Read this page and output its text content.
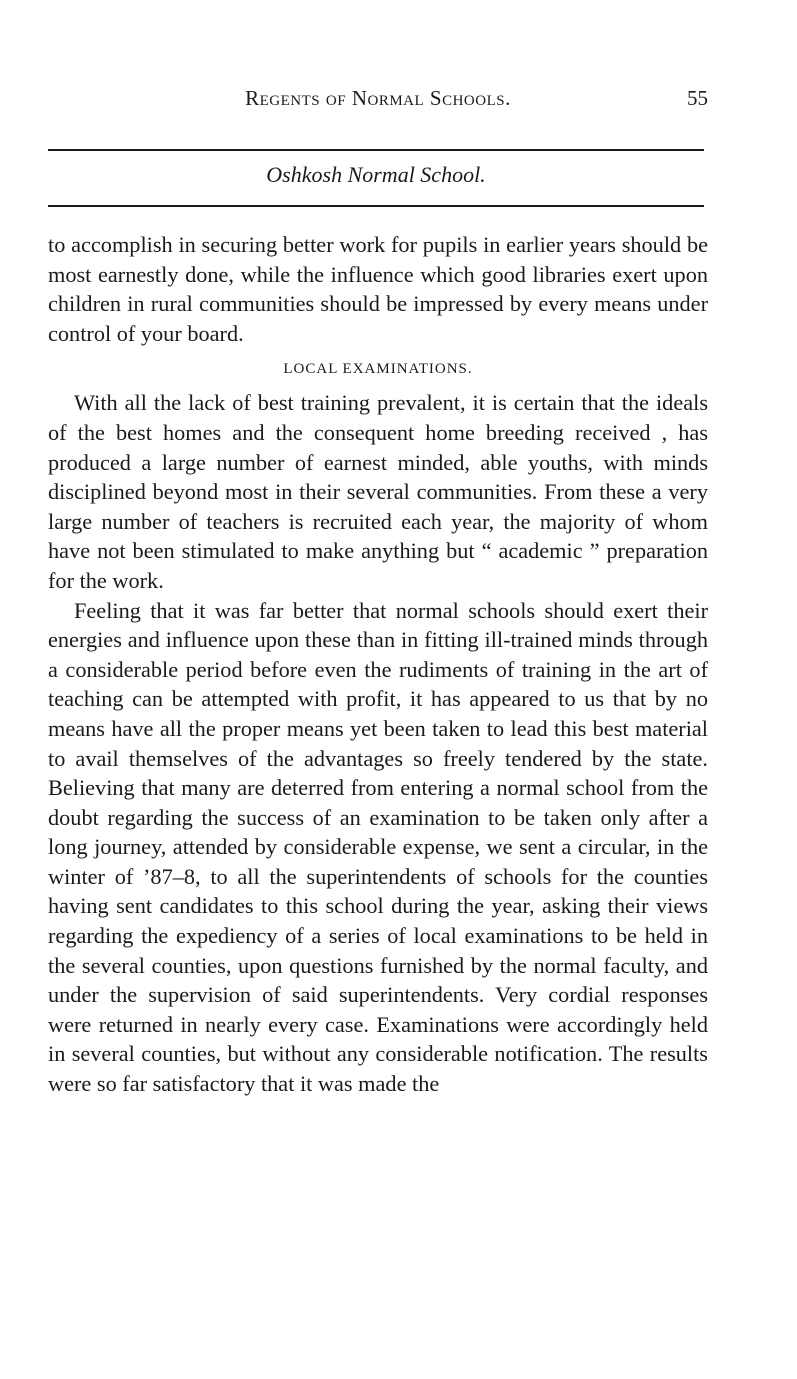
Regents of Normal Schools.	55
Oshkosh Normal School.

to accomplish in securing better work for pupils in earlier years should be most earnestly done, while the influence which good libraries exert upon children in rural communities should be impressed by every means under control of your board.

LOCAL EXAMINATIONS.

With all the lack of best training prevalent, it is certain that the ideals of the best homes and the consequent home breeding received , has produced a large number of earnest minded, able youths, with minds disciplined beyond most in their several communities. From these a very large number of teachers is recruited each year, the majority of whom have not been stimulated to make anything but “ academic ” preparation for the work.

Feeling that it was far better that normal schools should exert their energies and influence upon these than in fitting ill-trained minds through a considerable period before even the rudiments of training in the art of teaching can be attempted with profit, it has appeared to us that by no means have all the proper means yet been taken to lead this best material to avail themselves of the advantages so freely tendered by the state. Believing that many are deterred from entering a normal school from the doubt regarding the success of an examination to be taken only after a long journey, attended by considerable expense, we sent a circular, in the winter of ’87–8, to all the superintendents of schools for the counties having sent candidates to this school during the year, asking their views regarding the expediency of a series of local examinations to be held in the several counties, upon questions furnished by the normal faculty, and under the supervision of said superintendents. Very cordial responses were returned in nearly every case. Examinations were accordingly held in several counties, but without any considerable notification. The results were so far satisfactory that it was made the
